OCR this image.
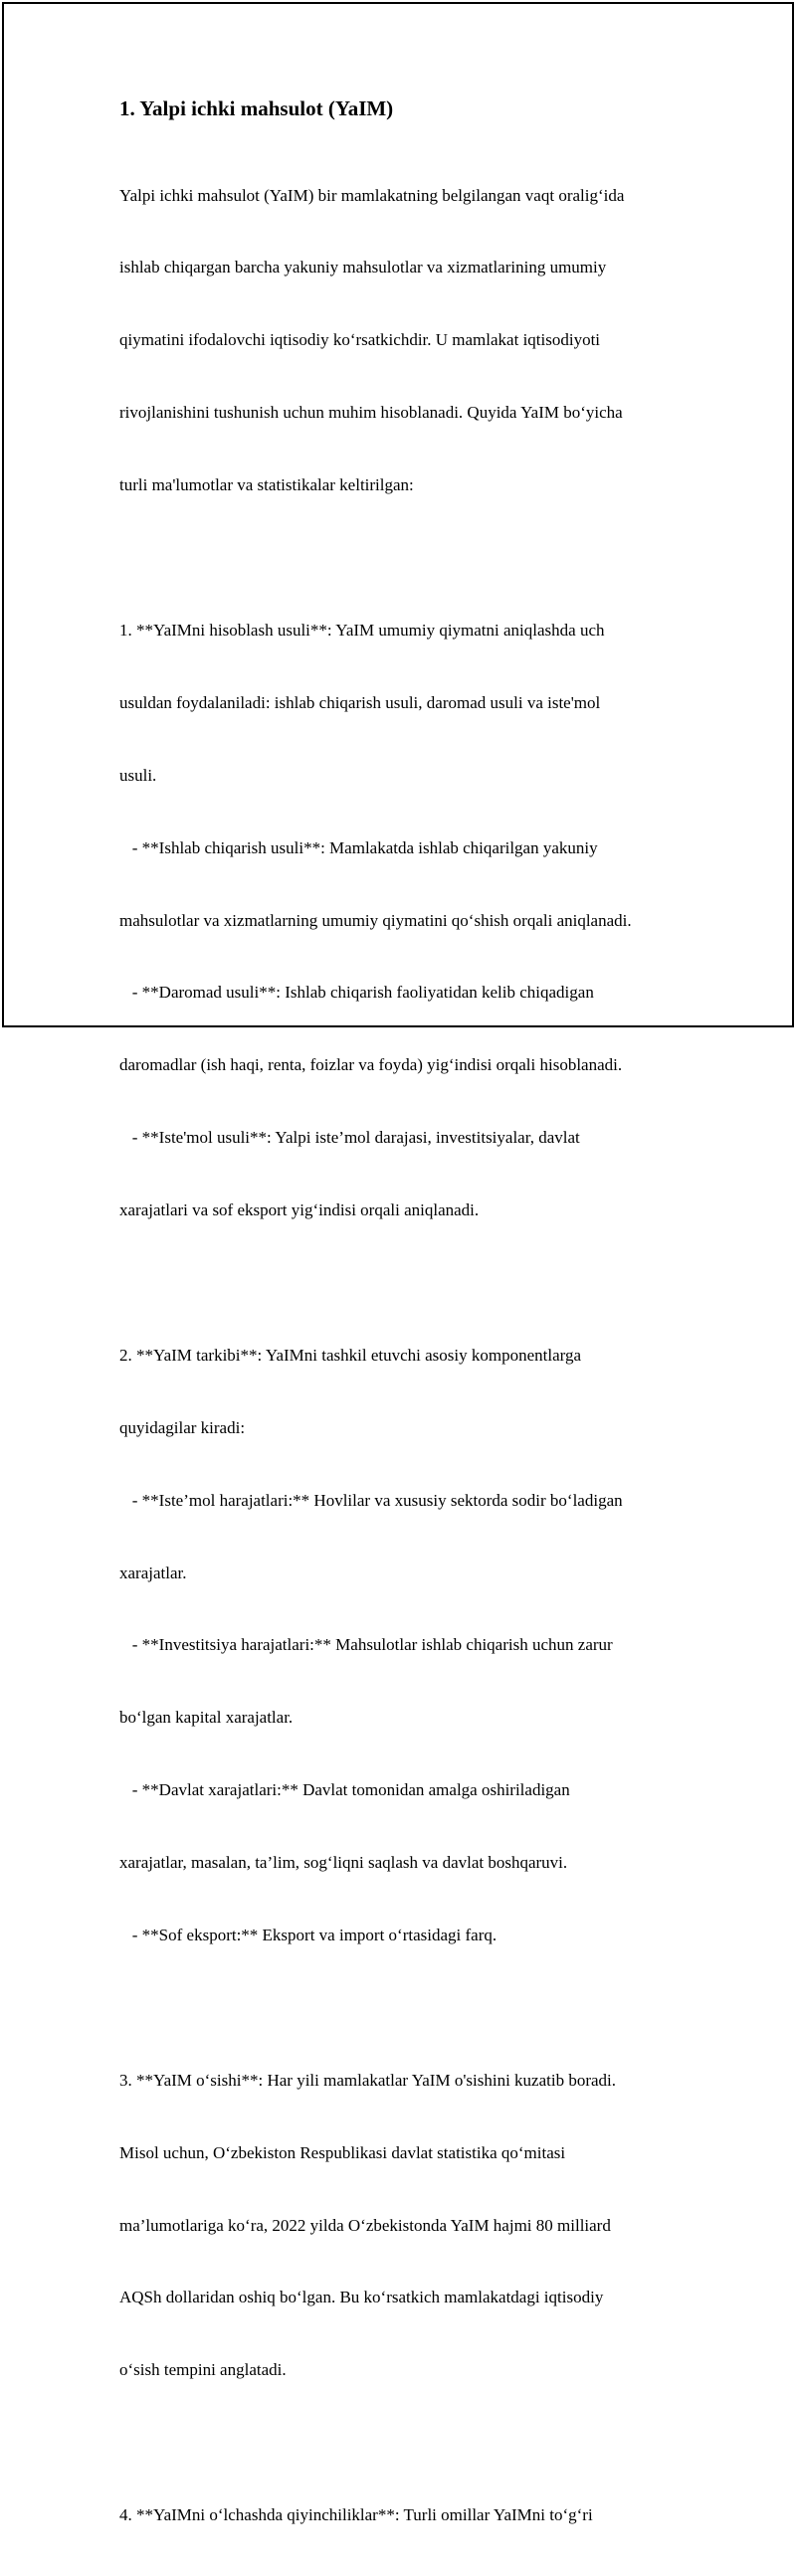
1. Yalpi ichki mahsulot (YaIM)

Yalpi ichki mahsulot (YaIM) bir mamlakatning belgilangan vaqt oralig‘ida

ishlab chiqargan barcha yakuniy mahsulotlar va xizmatlarining umumiy

qiymatini ifodalovchi iqtisodiy ko‘rsatkichdir. U mamlakat iqtisodiyoti

rivojlanishini tushunish uchun muhim hisoblanadi. Quyida YaIM bo‘yicha

turli ma'lumotlar va statistikalar keltirilgan:

1. **YaIMni hisoblash usuli**: YaIM umumiy qiymatni aniqlashda uch

usuldan foydalaniladi: ishlab chiqarish usuli, daromad usuli va iste'mol

usuli.

- **Ishlab chiqarish usuli**: Mamlakatda ishlab chiqarilgan yakuniy

mahsulotlar va xizmatlarning umumiy qiymatini qo‘shish orqali aniqlanadi.

- **Daromad usuli**: Ishlab chiqarish faoliyatidan kelib chiqadigan

daromadlar (ish haqi, renta, foizlar va foyda) yig‘indisi orqali hisoblanadi.

- **Iste'mol usuli**: Yalpi iste’mol darajasi, investitsiyalar, davlat

xarajatlari va sof eksport yig‘indisi orqali aniqlanadi.

2. **YaIM tarkibi**: YaIMni tashkil etuvchi asosiy komponentlarga

quyidagilar kiradi:

- **Iste’mol harajatlari:** Hovlilar va xususiy sektorda sodir bo‘ladigan

xarajatlar.

- **Investitsiya harajatlari:** Mahsulotlar ishlab chiqarish uchun zarur

bo‘lgan kapital xarajatlar.

- **Davlat xarajatlari:** Davlat tomonidan amalga oshiriladigan

xarajatlar, masalan, ta’lim, sog‘liqni saqlash va davlat boshqaruvi.

- **Sof eksport:** Eksport va import o‘rtasidagi farq.

3. **YaIM o‘sishi**: Har yili mamlakatlar YaIM o'sishini kuzatib boradi.

Misol uchun, O‘zbekiston Respublikasi davlat statistika qo‘mitasi

ma’lumotlariga ko‘ra, 2022 yilda O‘zbekistonda YaIM hajmi 80 milliard

AQSh dollaridan oshiq bo‘lgan. Bu ko‘rsatkich mamlakatdagi iqtisodiy

o‘sish tempini anglatadi.

4. **YaIMni o‘lchashda qiyinchiliklar**: Turli omillar YaIMni to‘g‘ri
